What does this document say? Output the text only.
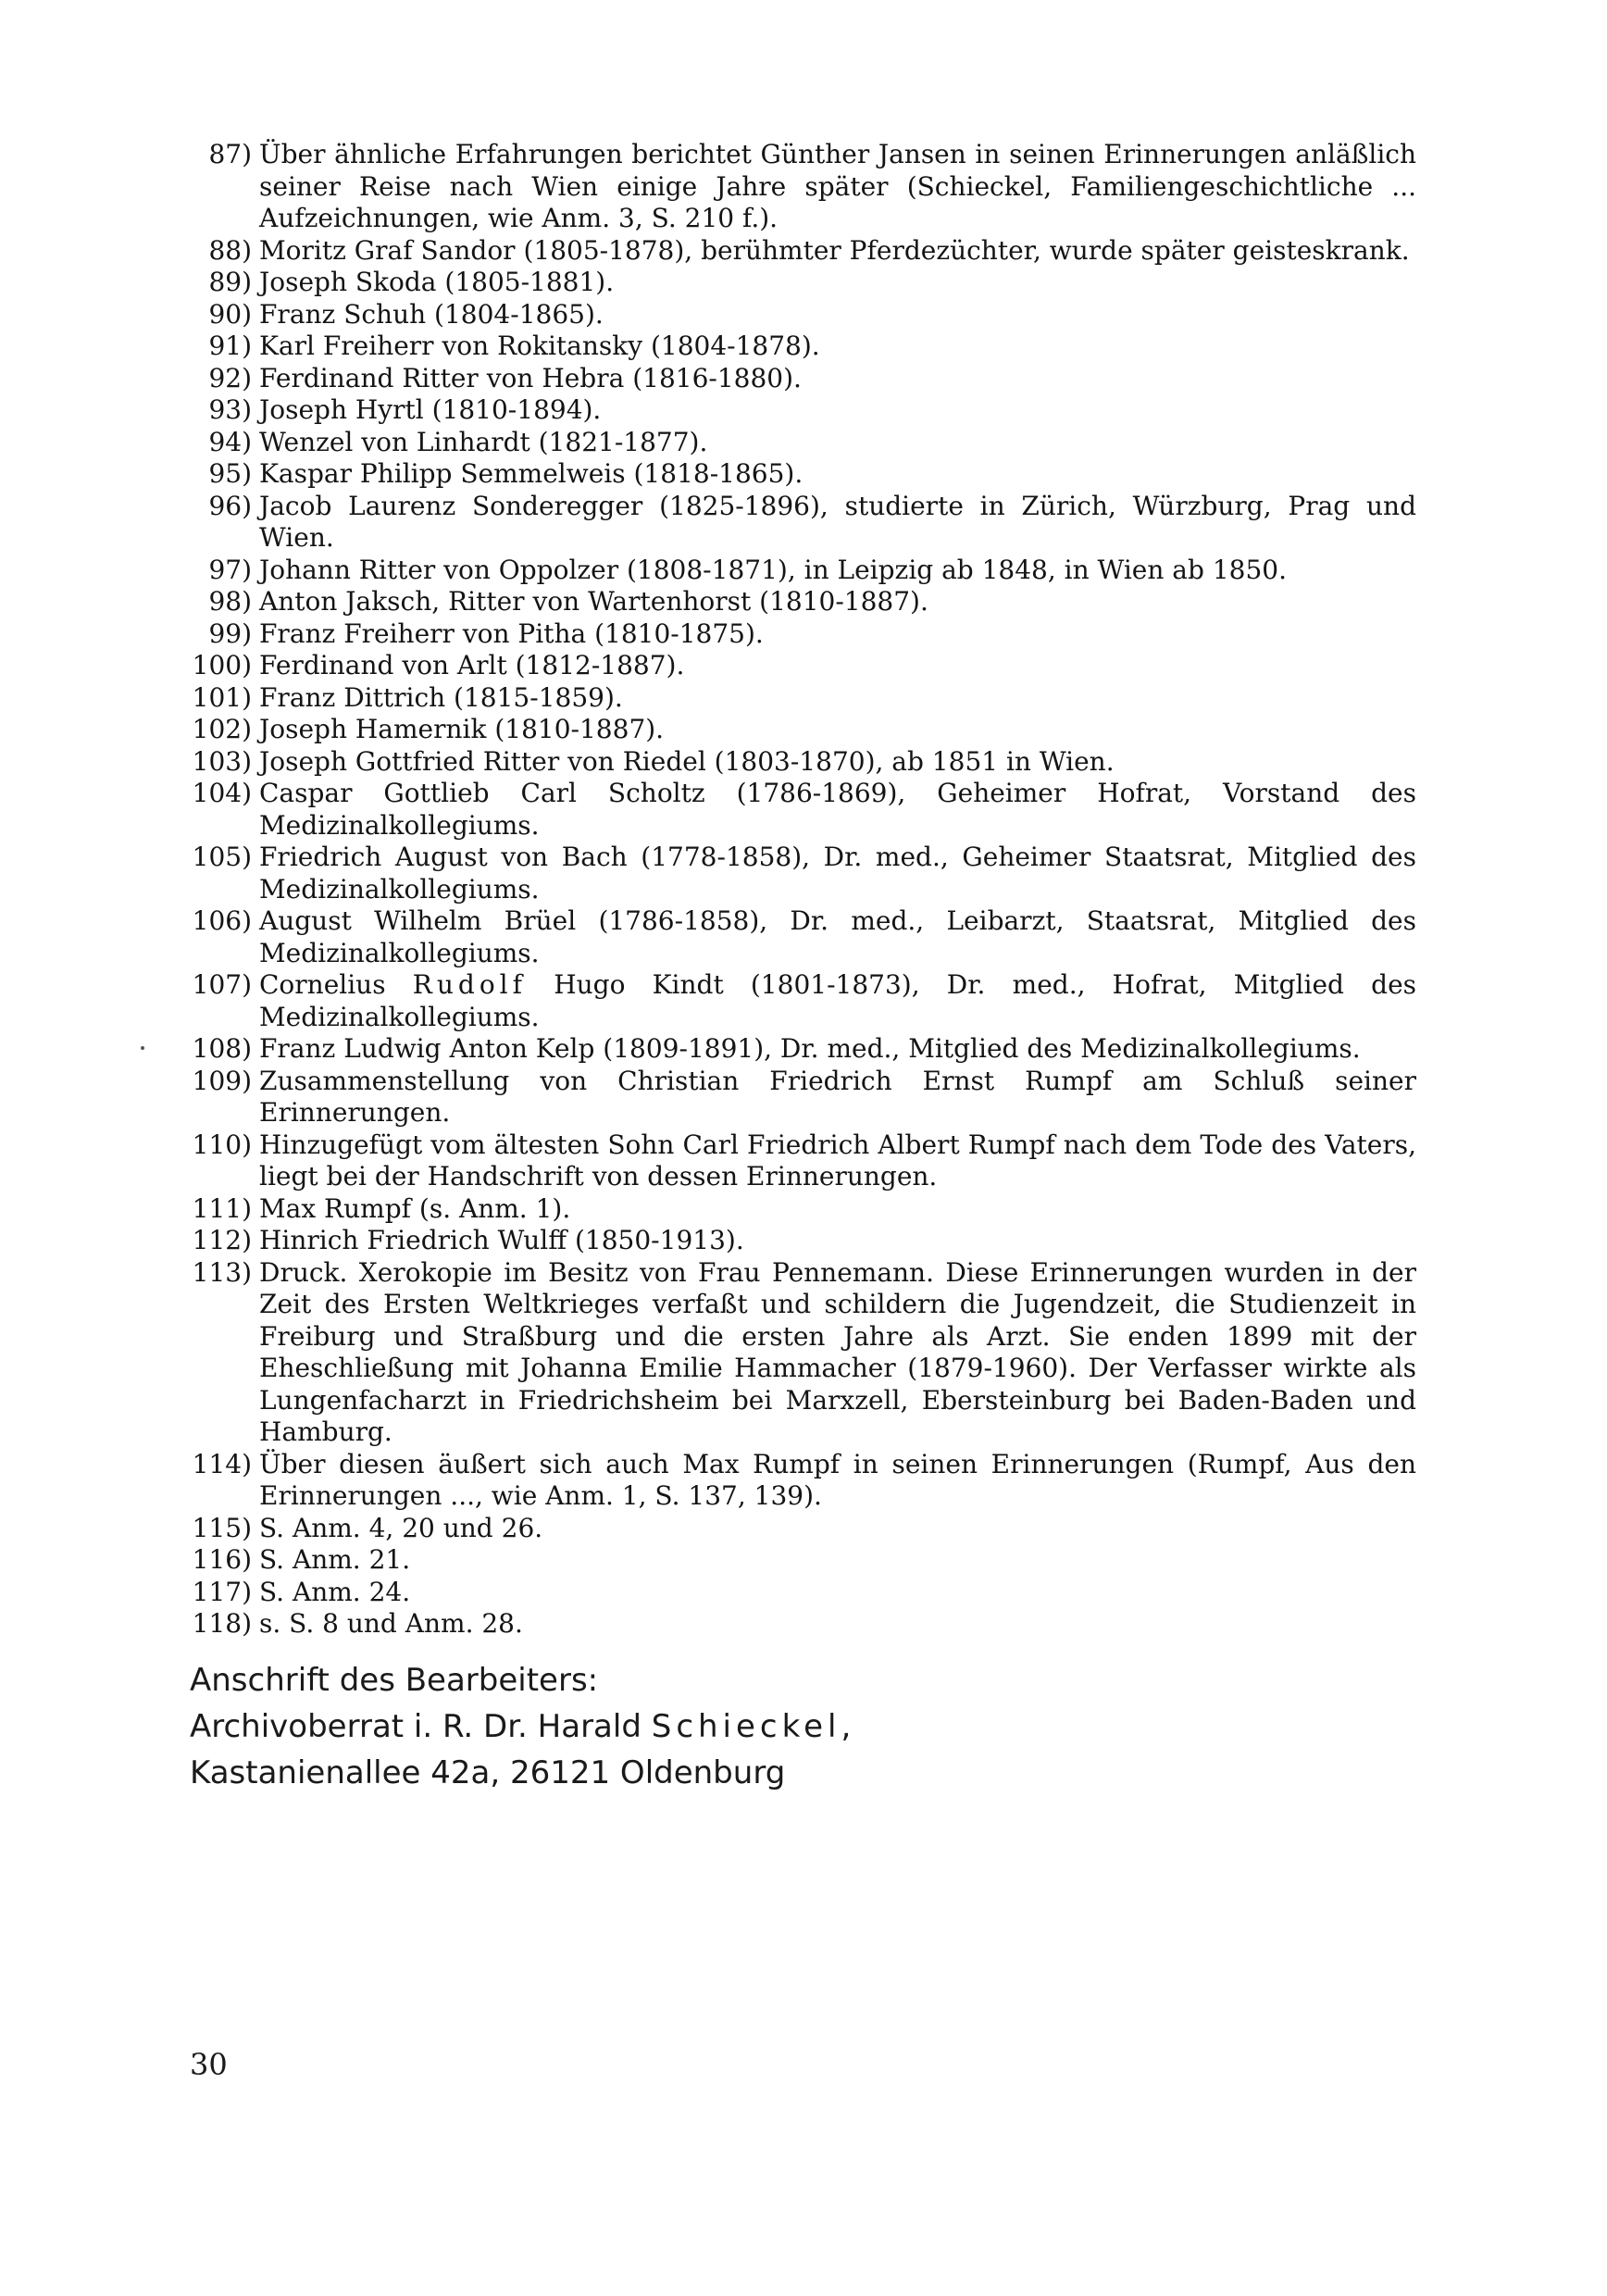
87) Über ähnliche Erfahrungen berichtet Günther Jansen in seinen Erinnerungen anläßlich seiner Reise nach Wien einige Jahre später (Schieckel, Familiengeschichtliche ... Aufzeichnungen, wie Anm. 3, S. 210 f.).
88) Moritz Graf Sandor (1805-1878), berühmter Pferdezüchter, wurde später geisteskrank.
89) Joseph Skoda (1805-1881).
90) Franz Schuh (1804-1865).
91) Karl Freiherr von Rokitansky (1804-1878).
92) Ferdinand Ritter von Hebra (1816-1880).
93) Joseph Hyrtl (1810-1894).
94) Wenzel von Linhardt (1821-1877).
95) Kaspar Philipp Semmelweis (1818-1865).
96) Jacob Laurenz Sonderegger (1825-1896), studierte in Zürich, Würzburg, Prag und Wien.
97) Johann Ritter von Oppolzer (1808-1871), in Leipzig ab 1848, in Wien ab 1850.
98) Anton Jaksch, Ritter von Wartenhorst (1810-1887).
99) Franz Freiherr von Pitha (1810-1875).
100) Ferdinand von Arlt (1812-1887).
101) Franz Dittrich (1815-1859).
102) Joseph Hamernik (1810-1887).
103) Joseph Gottfried Ritter von Riedel (1803-1870), ab 1851 in Wien.
104) Caspar Gottlieb Carl Scholtz (1786-1869), Geheimer Hofrat, Vorstand des Medizinalkollegiums.
105) Friedrich August von Bach (1778-1858), Dr. med., Geheimer Staatsrat, Mitglied des Medizinalkollegiums.
106) August Wilhelm Brüel (1786-1858), Dr. med., Leibarzt, Staatsrat, Mitglied des Medizinalkollegiums.
107) Cornelius Rudolf Hugo Kindt (1801-1873), Dr. med., Hofrat, Mitglied des Medizinalkollegiums.
108) Franz Ludwig Anton Kelp (1809-1891), Dr. med., Mitglied des Medizinalkollegiums.
109) Zusammenstellung von Christian Friedrich Ernst Rumpf am Schluß seiner Erinnerungen.
110) Hinzugefügt vom ältesten Sohn Carl Friedrich Albert Rumpf nach dem Tode des Vaters, liegt bei der Handschrift von dessen Erinnerungen.
111) Max Rumpf (s. Anm. 1).
112) Hinrich Friedrich Wulff (1850-1913).
113) Druck. Xerokopie im Besitz von Frau Pennemann. Diese Erinnerungen wurden in der Zeit des Ersten Weltkrieges verfaßt und schildern die Jugendzeit, die Studienzeit in Freiburg und Straßburg und die ersten Jahre als Arzt. Sie enden 1899 mit der Eheschließung mit Johanna Emilie Hammacher (1879-1960). Der Verfasser wirkte als Lungenfacharzt in Friedrichsheim bei Marxzell, Ebersteinburg bei Baden-Baden und Hamburg.
114) Über diesen äußert sich auch Max Rumpf in seinen Erinnerungen (Rumpf, Aus den Erinnerungen ..., wie Anm. 1, S. 137, 139).
115) S. Anm. 4, 20 und 26.
116) S. Anm. 21.
117) S. Anm. 24.
118) s. S. 8 und Anm. 28.
Anschrift des Bearbeiters:
Archivoberrat i. R. Dr. Harald Schieckel,
Kastanienallee 42a, 26121 Oldenburg
30
